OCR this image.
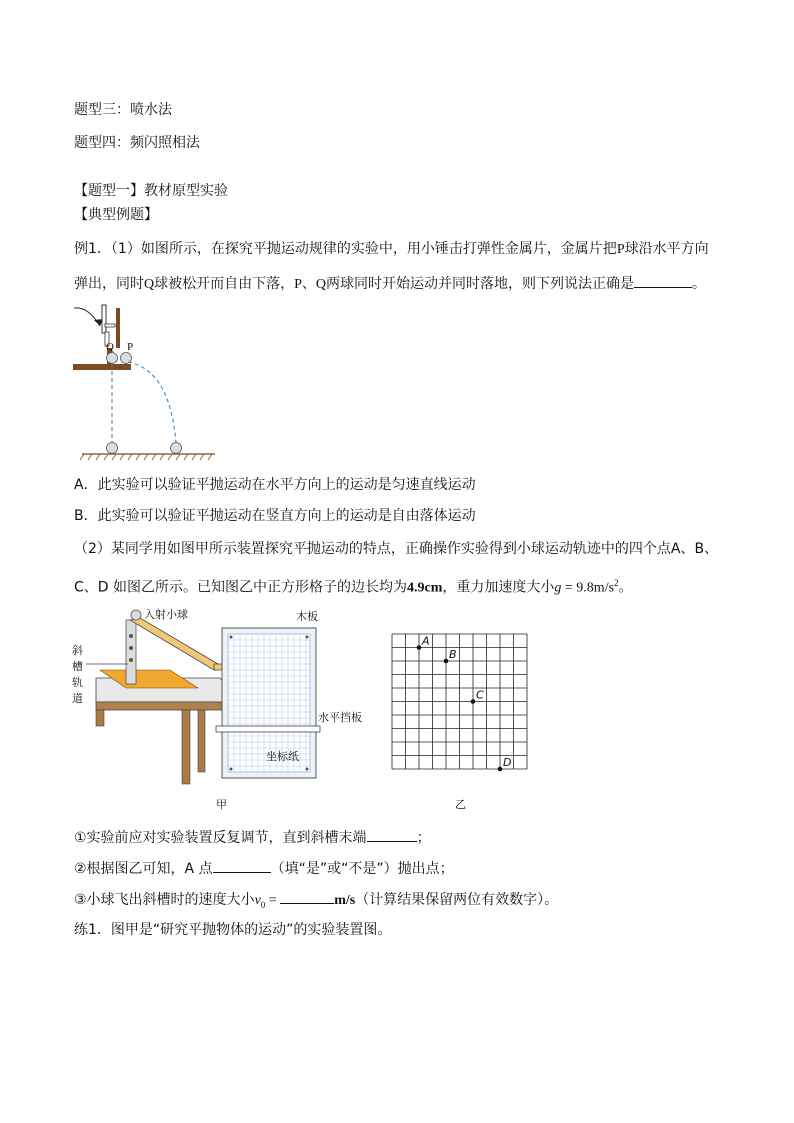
题型三：喷水法
题型四：频闪照相法
【题型一】教材原型实验
【典型例题】
例1．（1）如图所示，在探究平抛运动规律的实验中，用小锤击打弹性金属片，金属片把P球沿水平方向
弹出，同时Q球被松开而自由下落，P、Q两球同时开始运动并同时落地，则下列说法正确是	。
Q P
A．此实验可以验证平抛运动在水平方向上的运动是匀速直线运动
B．此实验可以验证平抛运动在竖直方向上的运动是自由落体运动
（2）某同学用如图甲所示装置探究平抛运动的特点，正确操作实验得到小球运动轨迹中的四个点A、B、
C、D 如图乙所示。已知图乙中正方形格子的边长均为4.9cm，重力加速度大小$g = 9.8m/s^2$。
入射小球	木板
斜
槽
轨
道
水平挡板
坐标纸
甲
A
B
C
D
乙
①实验前应对实验装置反复调节，直到斜槽末端	；
②根据图乙可知，A 点	（填“是”或“不是”）抛出点；
③小球飞出斜槽时的速度大小$v_0$ =	m/s（计算结果保留两位有效数字）。
练1．图甲是“研究平抛物体的运动”的实验装置图。
